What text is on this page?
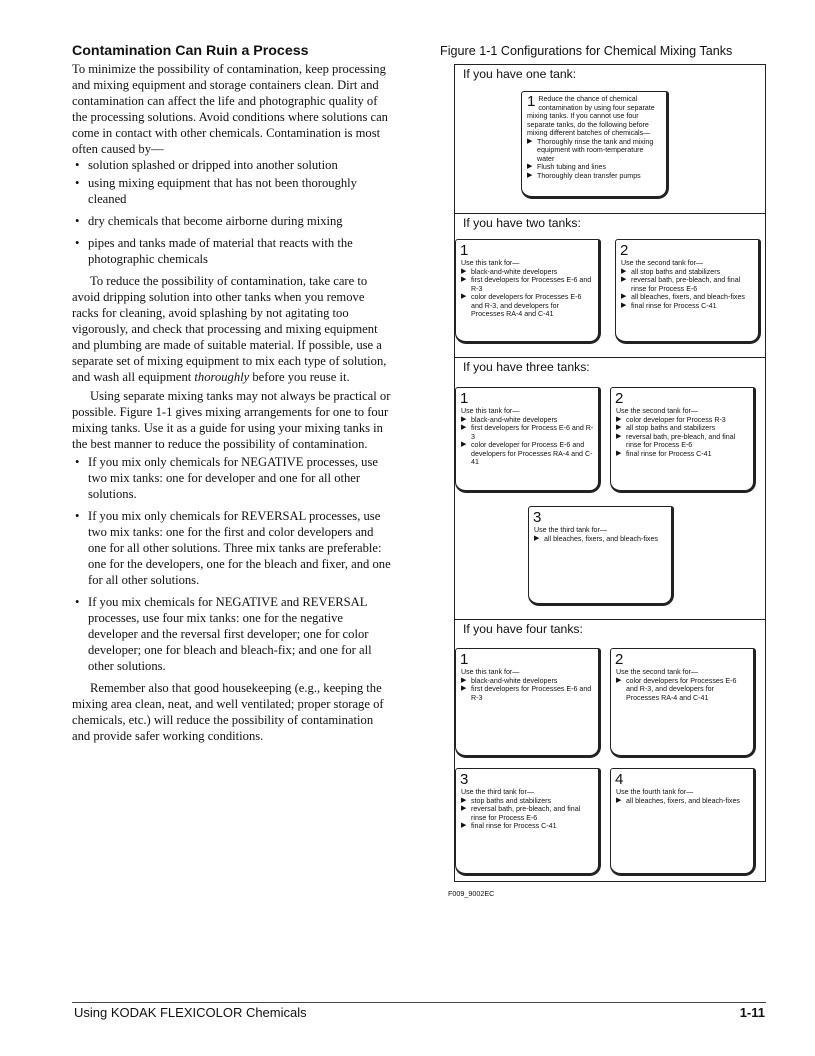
Contamination Can Ruin a Process

To minimize the possibility of contamination, keep processing and mixing equipment and storage containers clean. Dirt and contamination can affect the life and photographic quality of the processing solutions. Avoid conditions where solutions can come in contact with other chemicals. Contamination is most often caused by—

• solution splashed or dripped into another solution
• using mixing equipment that has not been thoroughly cleaned
• dry chemicals that become airborne during mixing
• pipes and tanks made of material that reacts with the photographic chemicals

To reduce the possibility of contamination, take care to avoid dripping solution into other tanks when you remove racks for cleaning, avoid splashing by not agitating too vigorously, and check that processing and mixing equipment and plumbing are made of suitable material. If possible, use a separate set of mixing equipment to mix each type of solution, and wash all equipment thoroughly before you reuse it.

Using separate mixing tanks may not always be practical or possible. Figure 1-1 gives mixing arrangements for one to four mixing tanks. Use it as a guide for using your mixing tanks in the best manner to reduce the possibility of contamination.

• If you mix only chemicals for NEGATIVE processes, use two mix tanks: one for developer and one for all other solutions.
• If you mix only chemicals for REVERSAL processes, use two mix tanks: one for the first and color developers and one for all other solutions. Three mix tanks are preferable: one for the developers, one for the bleach and fixer, and one for all other solutions.
• If you mix chemicals for NEGATIVE and REVERSAL processes, use four mix tanks: one for the negative developer and the reversal first developer; one for color developer; one for bleach and bleach-fix; and one for all other solutions.

Remember also that good housekeeping (e.g., keeping the mixing area clean, neat, and well ventilated; proper storage of chemicals, etc.) will reduce the possibility of contamination and provide safer working conditions.

Figure 1-1 Configurations for Chemical Mixing Tanks
If you have one tank:
1 Reduce the chance of chemical contamination by using four separate mixing tanks. If you cannot use four separate tanks, do the following before mixing different batches of chemicals—
▶ Thoroughly rinse the tank and mixing equipment with room-temperature water
▶ Flush tubing and lines
▶ Thoroughly clean transfer pumps
If you have two tanks:
1
Use this tank for—
▶ black-and-white developers
▶ first developers for Processes E-6 and R-3
▶ color developers for Processes E-6 and R-3, and developers for Processes RA-4 and C-41
2
Use the second tank for—
▶ all stop baths and stabilizers
▶ reversal bath, pre-bleach, and final rinse for Process E-6
▶ all bleaches, fixers, and bleach-fixes
▶ final rinse for Process C-41
If you have three tanks:
1
Use this tank for—
▶ black-and-white developers
▶ first developers for Process E-6 and R-3
▶ color developer for Process E-6 and developers for Processes RA-4 and C-41
2
Use the second tank for—
▶ color developer for Process R-3
▶ all stop baths and stabilizers
▶ reversal bath, pre-bleach, and final rinse for Process E-6
▶ final rinse for Process C-41
3
Use the third tank for—
▶ all bleaches, fixers, and bleach-fixes
If you have four tanks:
1
Use this tank for—
▶ black-and-white developers
▶ first developers for Processes E-6 and R-3
2
Use the second tank for—
▶ color developers for Processes E-6 and R-3, and developers for Processes RA-4 and C-41
3
Use the third tank for—
▶ stop baths and stabilizers
▶ reversal bath, pre-bleach, and final rinse for Process E-6
▶ final rinse for Process C-41
4
Use the fourth tank for—
▶ all bleaches, fixers, and bleach-fixes
F009_9002EC
Using KODAK FLEXICOLOR Chemicals	1-11
